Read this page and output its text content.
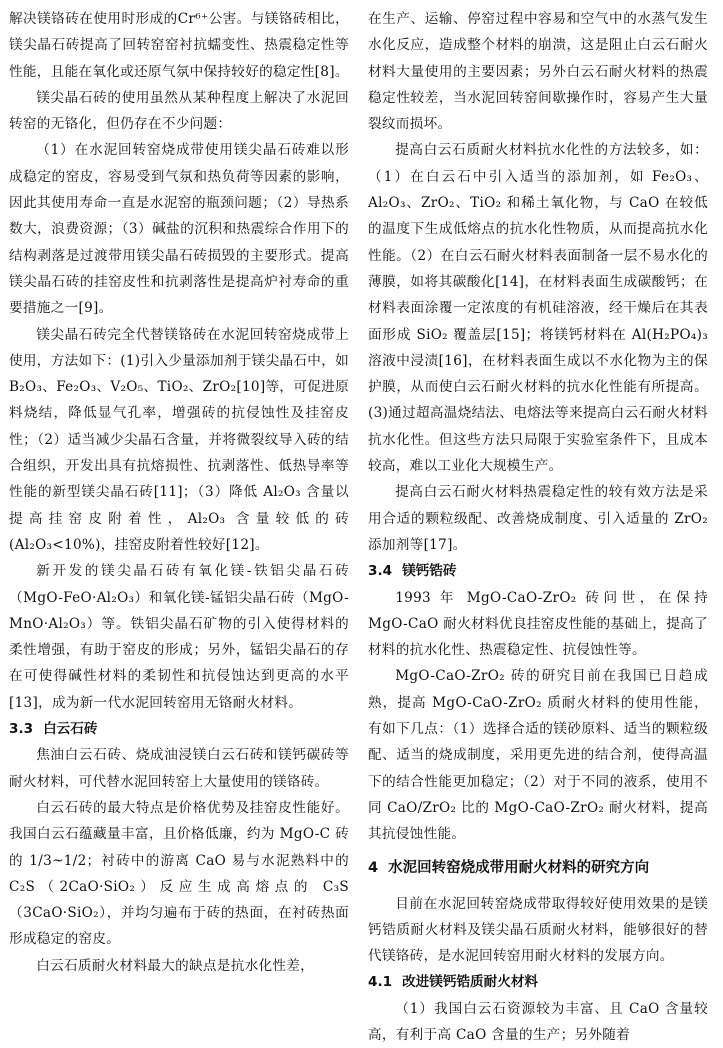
解决镁铬砖在使用时形成的Cr⁶⁺公害。与镁铬砖相比，镁尖晶石砖提高了回转窑窑衬抗蠕变性、热震稳定性等性能，且能在氧化或还原气氛中保持较好的稳定性[8]。

镁尖晶石砖的使用虽然从某种程度上解决了水泥回转窑的无铬化，但仍存在不少问题：

（1）在水泥回转窑烧成带使用镁尖晶石砖难以形成稳定的窑皮，容易受到气氛和热负荷等因素的影响，因此其使用寿命一直是水泥窑的瓶颈问题；（2）导热系数大，浪费资源；（3）碱盐的沉积和热震综合作用下的结构剥落是过渡带用镁尖晶石砖损毁的主要形式。提高镁尖晶石砖的挂窑皮性和抗剥落性是提高炉衬寿命的重要措施之一[9]。

镁尖晶石砖完全代替镁铬砖在水泥回转窑烧成带上使用，方法如下：(1)引入少量添加剂于镁尖晶石中，如 B₂O₃、Fe₂O₃、V₂O₅、TiO₂、ZrO₂[10]等，可促进原料烧结，降低显气孔率，增强砖的抗侵蚀性及挂窑皮性；（2）适当减少尖晶石含量，并将微裂纹导入砖的结合组织，开发出具有抗熔损性、抗剥落性、低热导率等性能的新型镁尖晶石砖[11]；（3）降低 Al₂O₃ 含量以提高挂窑皮附着性，Al₂O₃ 含量较低的砖 (Al₂O₃<10%)，挂窑皮附着性较好[12]。

新开发的镁尖晶石砖有氧化镁-铁铝尖晶石砖（MgO-FeO·Al₂O₃）和氧化镁-锰铝尖晶石砖（MgO-MnO·Al₂O₃）等。铁铝尖晶石矿物的引入使得材料的柔性增强，有助于窑皮的形成；另外，锰铝尖晶石的存在可使得碱性材料的柔韧性和抗侵蚀达到更高的水平[13]，成为新一代水泥回转窑用无铬耐火材料。

3.3 白云石砖

焦油白云石砖、烧成油浸镁白云石砖和镁钙碳砖等耐火材料，可代替水泥回转窑上大量使用的镁铬砖。

白云石砖的最大特点是价格优势及挂窑皮性能好。我国白云石蕴藏量丰富，且价格低廉，约为 MgO-C 砖的 1/3~1/2；衬砖中的游离 CaO 易与水泥熟料中的 C₂S（2CaO·SiO₂）反应生成高熔点的 C₃S（3CaO·SiO₂），并均匀遍布于砖的热面，在衬砖热面形成稳定的窑皮。

白云石质耐火材料最大的缺点是抗水化性差，

在生产、运输、停窑过程中容易和空气中的水蒸气发生水化反应，造成整个材料的崩溃，这是阻止白云石耐火材料大量使用的主要因素；另外白云石耐火材料的热震稳定性较差，当水泥回转窑间歇操作时，容易产生大量裂纹而损坏。

提高白云石质耐火材料抗水化性的方法较多，如：（1）在白云石中引入适当的添加剂，如 Fe₂O₃、Al₂O₃、ZrO₂、TiO₂ 和稀土氧化物，与 CaO 在较低的温度下生成低熔点的抗水化性物质，从而提高抗水化性能。（2）在白云石耐火材料表面制备一层不易水化的薄膜，如将其碳酸化[14]，在材料表面生成碳酸钙；在材料表面涂覆一定浓度的有机硅溶液，经干燥后在其表面形成 SiO₂ 覆盖层[15]；将镁钙材料在 Al(H₂PO₄)₃ 溶液中浸渍[16]，在材料表面生成以不水化物为主的保护膜，从而使白云石耐火材料的抗水化性能有所提高。(3)通过超高温烧结法、电熔法等来提高白云石耐火材料抗水化性。但这些方法只局限于实验室条件下，且成本较高，难以工业化大规模生产。

提高白云石耐火材料热震稳定性的较有效方法是采用合适的颗粒级配、改善烧成制度、引入适量的 ZrO₂ 添加剂等[17]。

3.4 镁钙锆砖

1993 年 MgO-CaO-ZrO₂ 砖问世，在保持 MgO-CaO 耐火材料优良挂窑皮性能的基础上，提高了材料的抗水化性、热震稳定性、抗侵蚀性等。

MgO-CaO-ZrO₂ 砖的研究目前在我国已日趋成熟，提高 MgO-CaO-ZrO₂ 质耐火材料的使用性能，有如下几点：（1）选择合适的镁砂原料、适当的颗粒级配、适当的烧成制度，采用更先进的结合剂，使得高温下的结合性能更加稳定；（2）对于不同的液系，使用不同 CaO/ZrO₂ 比的 MgO-CaO-ZrO₂ 耐火材料，提高其抗侵蚀性能。

4 水泥回转窑烧成带用耐火材料的研究方向

目前在水泥回转窑烧成带取得较好使用效果的是镁钙锆质耐火材料及镁尖晶石质耐火材料，能够很好的替代镁铬砖，是水泥回转窑用耐火材料的发展方向。

4.1 改进镁钙锆质耐火材料

（1）我国白云石资源较为丰富、且 CaO 含量较高，有利于高 CaO 含量的生产；另外随着
